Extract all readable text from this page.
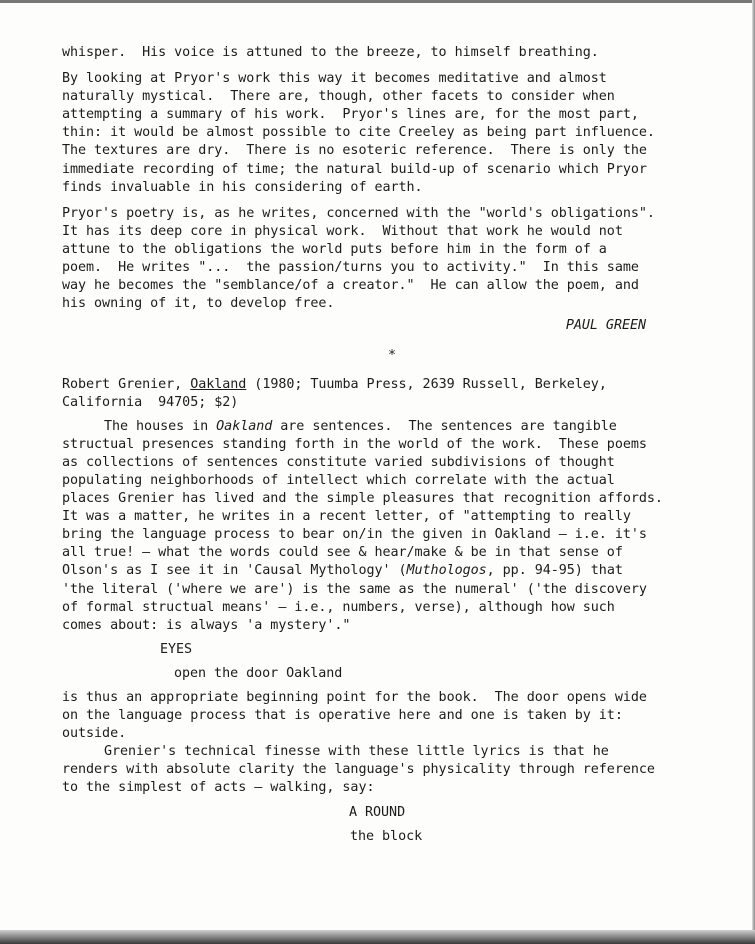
whisper.  His voice is attuned to the breeze, to himself breathing.
By looking at Pryor's work this way it becomes meditative and almost
naturally mystical.  There are, though, other facets to consider when
attempting a summary of his work.  Pryor's lines are, for the most part,
thin: it would be almost possible to cite Creeley as being part influence.
The textures are dry.  There is no esoteric reference.  There is only the
immediate recording of time; the natural build-up of scenario which Pryor
finds invaluable in his considering of earth.
Pryor's poetry is, as he writes, concerned with the "world's obligations".
It has its deep core in physical work.  Without that work he would not
attune to the obligations the world puts before him in the form of a
poem.  He writes "...  the passion/turns you to activity."  In this same
way he becomes the "semblance/of a creator."  He can allow the poem, and
his owning of it, to develop free.
PAUL GREEN
*
Robert Grenier, Oakland (1980; Tuumba Press, 2639 Russell, Berkeley,
California  94705; $2)
The houses in Oakland are sentences.  The sentences are tangible
structual presences standing forth in the world of the work.  These poems
as collections of sentences constitute varied subdivisions of thought
populating neighborhoods of intellect which correlate with the actual
places Grenier has lived and the simple pleasures that recognition affords.
It was a matter, he writes in a recent letter, of "attempting to really
bring the language process to bear on/in the given in Oakland — i.e. it's
all true! — what the words could see & hear/make & be in that sense of
Olson's as I see it in 'Causal Mythology' (Muthologos, pp. 94-95) that
'the literal ('where we are') is the same as the numeral' ('the discovery
of formal structual means' — i.e., numbers, verse), although how such
comes about: is always 'a mystery'."
EYES
open the door Oakland
is thus an appropriate beginning point for the book.  The door opens wide
on the language process that is operative here and one is taken by it:
outside.
Grenier's technical finesse with these little lyrics is that he
renders with absolute clarity the language's physicality through reference
to the simplest of acts — walking, say:
A ROUND
the block
